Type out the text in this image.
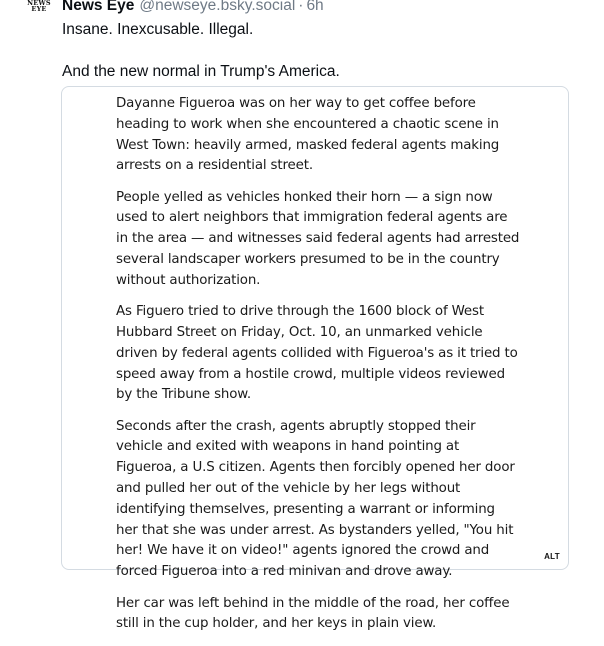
NEWS
EYE News Eye @newseye.bsky.social · 6h

Insane. Inexcusable. Illegal.

And the new normal in Trump's America.

Dayanne Figueroa was on her way to get coffee before heading to work when she encountered a chaotic scene in West Town: heavily armed, masked federal agents making arrests on a residential street.

People yelled as vehicles honked their horn — a sign now used to alert neighbors that immigration federal agents are in the area — and witnesses said federal agents had arrested several landscaper workers presumed to be in the country without authorization.

As Figuero tried to drive through the 1600 block of West Hubbard Street on Friday, Oct. 10, an unmarked vehicle driven by federal agents collided with Figueroa's as it tried to speed away from a hostile crowd, multiple videos reviewed by the Tribune show.

Seconds after the crash, agents abruptly stopped their vehicle and exited with weapons in hand pointing at Figueroa, a U.S citizen. Agents then forcibly opened her door and pulled her out of the vehicle by her legs without identifying themselves, presenting a warrant or informing her that she was under arrest. As bystanders yelled, "You hit her! We have it on video!" agents ignored the crowd and forced Figueroa into a red minivan and drove away.

Her car was left behind in the middle of the road, her coffee still in the cup holder, and her keys in plain view.

ALT
